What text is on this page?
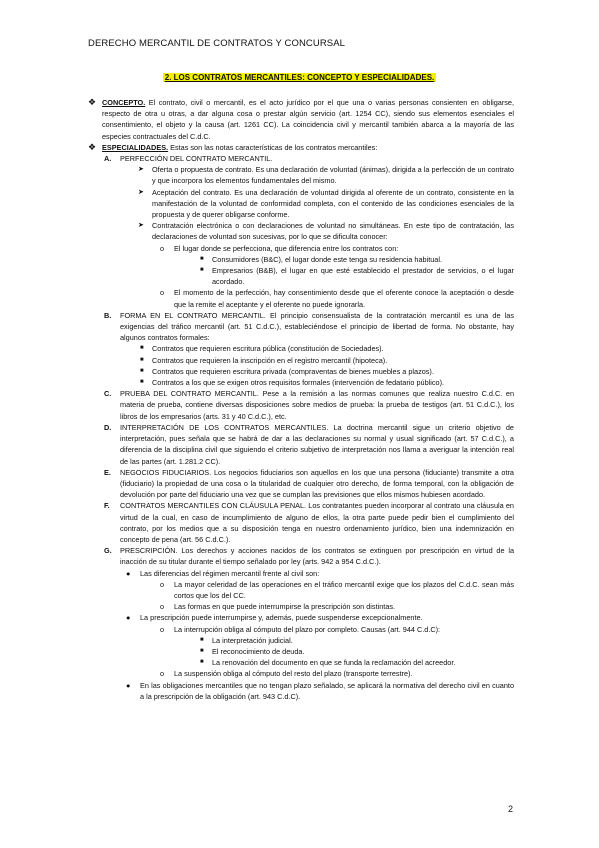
DERECHO MERCANTIL DE CONTRATOS Y CONCURSAL
2. LOS CONTRATOS MERCANTILES: CONCEPTO Y ESPECIALIDADES.
❖ CONCEPTO. El contrato, civil o mercantil, es el acto jurídico por el que una o varias personas consienten en obligarse, respecto de otra u otras, a dar alguna cosa o prestar algún servicio (art. 1254 CC), siendo sus elementos esenciales el consentimiento, el objeto y la causa (art. 1261 CC). La coincidencia civil y mercantil también abarca a la mayoría de las especies contractuales del C.d.C.
❖ ESPECIALIDADES. Estas son las notas características de los contratos mercantiles:
A. PERFECCIÓN DEL CONTRATO MERCANTIL.
➤ Oferta o propuesta de contrato. Es una declaración de voluntad (ánimas), dirigida a la perfección de un contrato y que incorpora los elementos fundamentales del mismo.
➤ Aceptación del contrato. Es una declaración de voluntad dirigida al oferente de un contrato, consistente en la manifestación de la voluntad de conformidad completa, con el contenido de las condiciones esenciales de la propuesta y de querer obligarse conforme.
➤ Contratación electrónica o con declaraciones de voluntad no simultáneas. En este tipo de contratación, las declaraciones de voluntad son sucesivas, por lo que se dificulta conocer:
o El lugar donde se perfecciona, que diferencia entre los contratos con:
■ Consumidores (B&C), el lugar donde este tenga su residencia habitual.
■ Empresarios (B&B), el lugar en que esté establecido el prestador de servicios, o el lugar acordado.
o El momento de la perfección, hay consentimiento desde que el oferente conoce la aceptación o desde que la remite el aceptante y el oferente no puede ignorarla.
B. FORMA EN EL CONTRATO MERCANTIL. El principio consensualista de la contratación mercantil es una de las exigencias del tráfico mercantil (art. 51 C.d.C.), estableciéndose el principio de libertad de forma. No obstante, hay algunos contratos formales:
■ Contratos que requieren escritura pública (constitución de Sociedades).
■ Contratos que requieren la inscripción en el registro mercantil (hipoteca).
■ Contratos que requieren escritura privada (compraventas de bienes muebles a plazos).
■ Contratos a los que se exigen otros requisitos formales (intervención de fedatario público).
C. PRUEBA DEL CONTRATO MERCANTIL. Pese a la remisión a las normas comunes que realiza nuestro C.d.C. en materia de prueba, contiene diversas disposiciones sobre medios de prueba: la prueba de testigos (art. 51 C.d.C.), los libros de los empresarios (arts. 31 y 40 C.d.C.), etc.
D. INTERPRETACIÓN DE LOS CONTRATOS MERCANTILES. La doctrina mercantil sigue un criterio objetivo de interpretación, pues señala que se habrá de dar a las declaraciones su normal y usual significado (art. 57 C.d.C.), a diferencia de la disciplina civil que siguiendo el criterio subjetivo de interpretación nos llama a averiguar la intención real de las partes (art. 1.281.2 CC).
E. NEGOCIOS FIDUCIARIOS. Los negocios fiduciarios son aquellos en los que una persona (fiduciante) transmite a otra (fiduciario) la propiedad de una cosa o la titularidad de cualquier otro derecho, de forma temporal, con la obligación de devolución por parte del fiduciario una vez que se cumplan las previsiones que ellos mismos hubiesen acordado.
F. CONTRATOS MERCANTILES CON CLÁUSULA PENAL. Los contratantes pueden incorporar al contrato una cláusula en virtud de la cual, en caso de incumplimiento de alguno de ellos, la otra parte puede pedir bien el cumplimiento del contrato, por los medios que a su disposición tenga en nuestro ordenamiento jurídico, bien una indemnización en concepto de pena (art. 56 C.d.C.).
G. PRESCRIPCIÓN. Los derechos y acciones nacidos de los contratos se extinguen por prescripción en virtud de la inacción de su titular durante el tiempo señalado por ley (arts. 942 a 954 C.d.C.).
● Las diferencias del régimen mercantil frente al civil son:
o La mayor celeridad de las operaciones en el tráfico mercantil exige que los plazos del C.d.C. sean más cortos que los del CC.
o Las formas en que puede interrumpirse la prescripción son distintas.
● La prescripción puede interrumpirse y, además, puede suspenderse excepcionalmente.
o La interrupción obliga al cómputo del plazo por completo. Causas (art. 944 C.d.C):
■ La interpretación judicial.
■ El reconocimiento de deuda.
■ La renovación del documento en que se funda la reclamación del acreedor.
o La suspensión obliga al cómputo del resto del plazo (transporte terrestre).
● En las obligaciones mercantiles que no tengan plazo señalado, se aplicará la normativa del derecho civil en cuanto a la prescripción de la obligación (art. 943 C.d.C).
2
